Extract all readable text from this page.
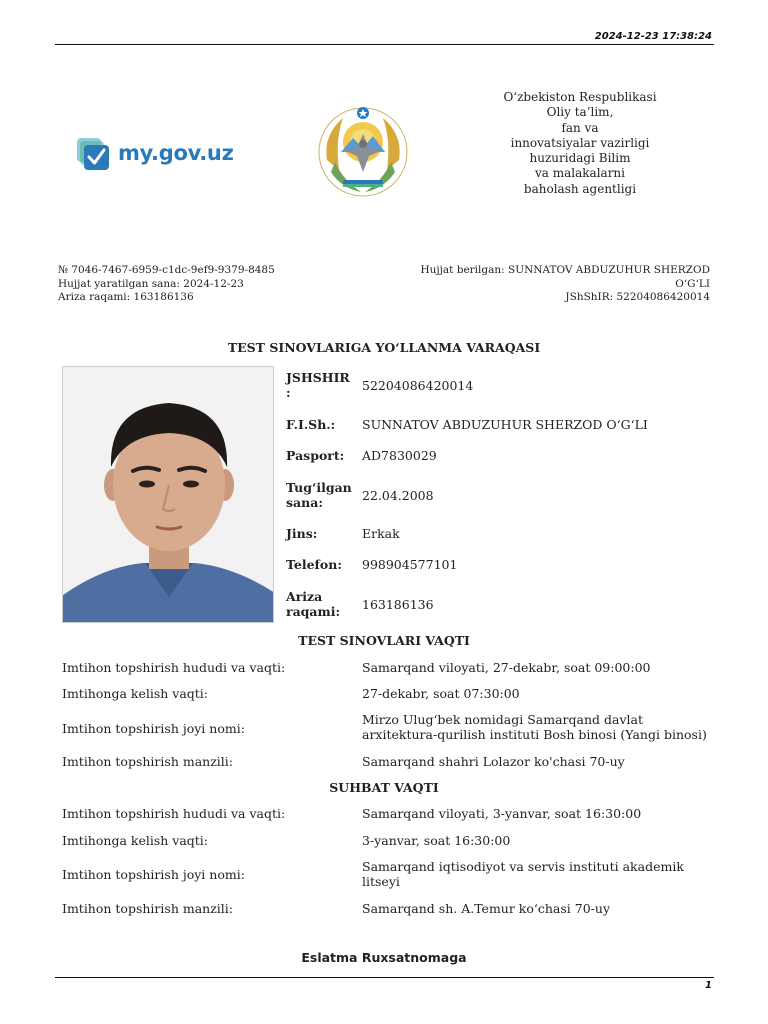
2024-12-23 17:38:24
my.gov.uz
O‘zbekiston Respublikasi
Oliy ta’lim,
fan va
innovatsiyalar vazirligi
huzuridagi Bilim
va malakalarni
baholash agentligi
№ 7046-7467-6959-c1dc-9ef9-9379-8485
Hujjat yaratilgan sana: 2024-12-23
Ariza raqami: 163186136
Hujjat berilgan: SUNNATOV ABDUZUHUR SHERZOD
O‘G‘LI
JShShIR: 52204086420014
TEST SINOVLARIGA YO‘LLANMA VARAQASI
JSHSHIR :	52204086420014
F.I.Sh.:	SUNNATOV ABDUZUHUR SHERZOD O‘G‘LI
Pasport:	AD7830029
Tug‘ilgan sana:	22.04.2008
Jins:	Erkak
Telefon:	998904577101
Ariza raqami:	163186136
TEST SINOVLARI VAQTI
Imtihon topshirish hududi va vaqti:	Samarqand viloyati, 27-dekabr, soat 09:00:00
Imtihonga kelish vaqti:	27-dekabr, soat 07:30:00
Imtihon topshirish joyi nomi:
Mirzo Ulug‘bek nomidagi Samarqand davlat arxitektura-qurilish instituti Bosh binosi (Yangi binosi)
Imtihon topshirish manzili:	Samarqand shahri Lolazor ko'chasi 70-uy
SUHBAT VAQTI
Imtihon topshirish hududi va vaqti:	Samarqand viloyati, 3-yanvar, soat 16:30:00
Imtihonga kelish vaqti:	3-yanvar, soat 16:30:00
Imtihon topshirish joyi nomi:
Samarqand iqtisodiyot va servis instituti akademik litseyi
Imtihon topshirish manzili:	Samarqand sh. A.Temur ko‘chasi 70-uy
Eslatma Ruxsatnomaga
1
